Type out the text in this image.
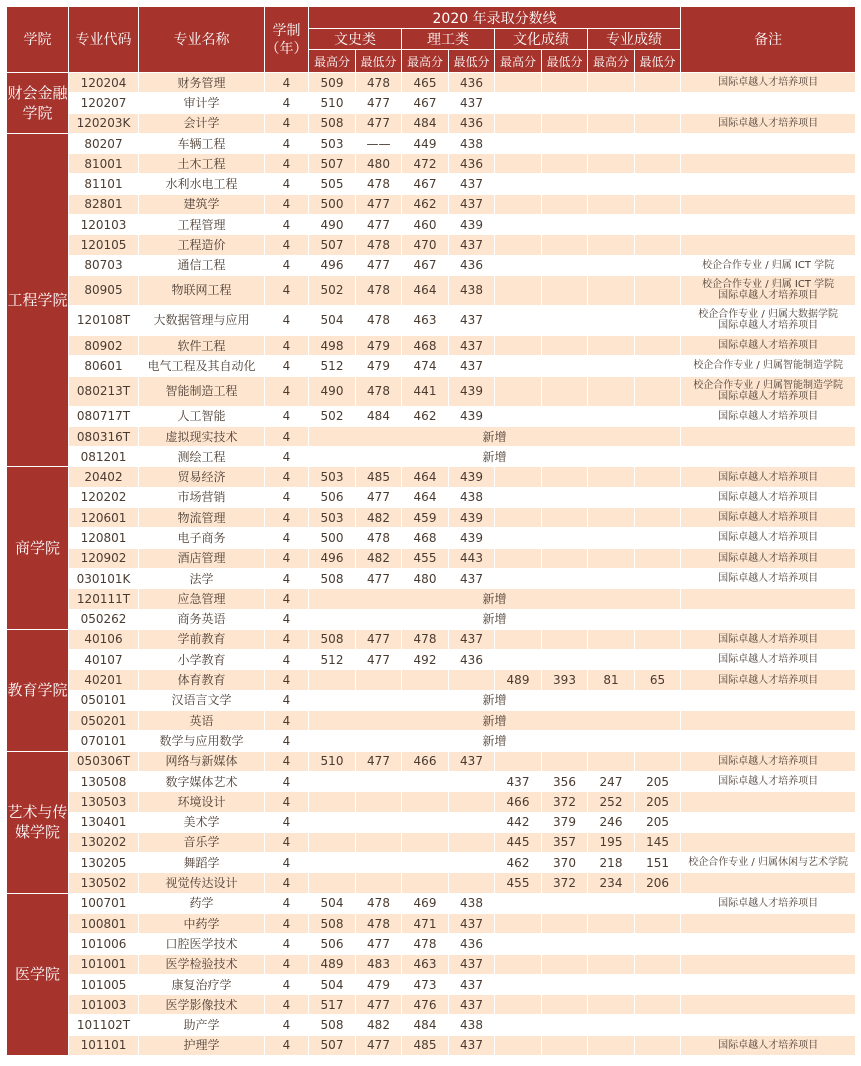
学院	专业代码	专业名称	学制
（年）	2020 年录取分数线								备注
				文史类		理工类		文化成绩		专业成绩		
				最高分	最低分	最高分	最低分	最高分	最低分	最高分	最低分	
财会金融学院	120204	财务管理	4	509	478	465	436					国际卓越人才培养项目
	120207	审计学	4	510	477	467	437					
	120203K	会计学	4	508	477	484	436					国际卓越人才培养项目
工程学院	80207	车辆工程	4	503	——	449	438					
	81001	土木工程	4	507	480	472	436					
	81101	水利水电工程	4	505	478	467	437					
	82801	建筑学	4	500	477	462	437					
	120103	工程管理	4	490	477	460	439					
	120105	工程造价	4	507	478	470	437					
	80703	通信工程	4	496	477	467	436					校企合作专业 / 归属 ICT 学院
	80905	物联网工程	4	502	478	464	438					校企合作专业 / 归属 ICT 学院
国际卓越人才培养项目
	120108T	大数据管理与应用	4	504	478	463	437					校企合作专业 / 归属大数据学院
国际卓越人才培养项目
	80902	软件工程	4	498	479	468	437					国际卓越人才培养项目
	80601	电气工程及其自动化	4	512	479	474	437					校企合作专业 / 归属智能制造学院
	080213T	智能制造工程	4	490	478	441	439					校企合作专业 / 归属智能制造学院
国际卓越人才培养项目
	080717T	人工智能	4	502	484	462	439					国际卓越人才培养项目
	080316T	虚拟现实技术	4	新增								
	081201	测绘工程	4	新增								
商学院	20402	贸易经济	4	503	485	464	439					国际卓越人才培养项目
	120202	市场营销	4	506	477	464	438					国际卓越人才培养项目
	120601	物流管理	4	503	482	459	439					国际卓越人才培养项目
	120801	电子商务	4	500	478	468	439					国际卓越人才培养项目
	120902	酒店管理	4	496	482	455	443					国际卓越人才培养项目
	030101K	法学	4	508	477	480	437					国际卓越人才培养项目
	120111T	应急管理	4	新增								
	050262	商务英语	4	新增								
教育学院	40106	学前教育	4	508	477	478	437					国际卓越人才培养项目
	40107	小学教育	4	512	477	492	436					国际卓越人才培养项目
	40201	体育教育	4					489	393	81	65	国际卓越人才培养项目
	050101	汉语言文学	4	新增								
	050201	英语	4	新增								
	070101	数学与应用数学	4	新增								
艺术与传媒学院	050306T	网络与新媒体	4	510	477	466	437					国际卓越人才培养项目
	130508	数字媒体艺术	4					437	356	247	205	国际卓越人才培养项目
	130503	环境设计	4					466	372	252	205	
	130401	美术学	4					442	379	246	205	
	130202	音乐学	4					445	357	195	145	
	130205	舞蹈学	4					462	370	218	151	校企合作专业 / 归属休闲与艺术学院
	130502	视觉传达设计	4					455	372	234	206	
医学院	100701	药学	4	504	478	469	438					国际卓越人才培养项目
	100801	中药学	4	508	478	471	437					
	101006	口腔医学技术	4	506	477	478	436					
	101001	医学检验技术	4	489	483	463	437					
	101005	康复治疗学	4	504	479	473	437					
	101003	医学影像技术	4	517	477	476	437					
	101102T	助产学	4	508	482	484	438					
	101101	护理学	4	507	477	485	437					国际卓越人才培养项目
